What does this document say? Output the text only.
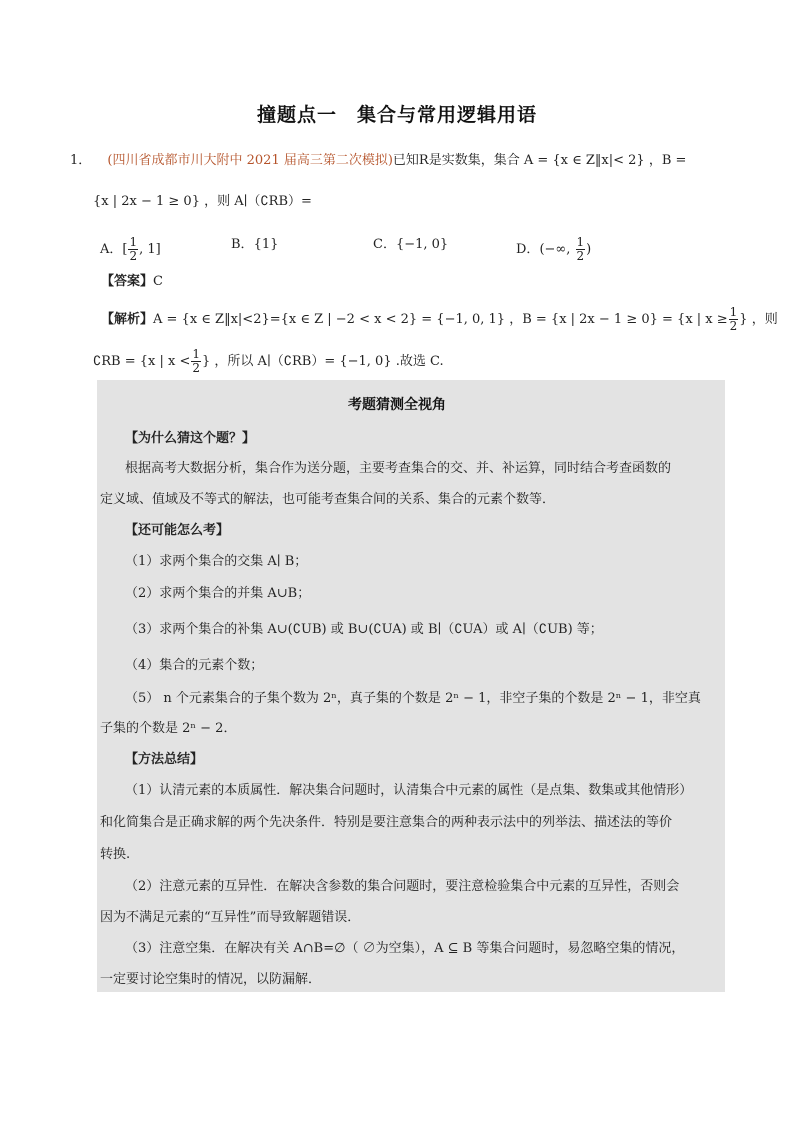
撞题点一　集合与常用逻辑用语
1． (四川省成都市川大附中 2021 届高三第二次模拟)已知R是实数集，集合 A = {x ∈ Z‖x|< 2} ，B =
{x | 2x − 1 ≥ 0} ，则 A∣（∁RB）=
A．[ $\frac{1}{2}$ , 1]	B．{1}	C．{−1, 0}	D．(−∞, $\frac{1}{2}$ )
【答案】C
【解析】A = {x ∈ Z‖x|<2}={x ∈ Z | −2 < x < 2} = {−1, 0, 1} ，B = {x | 2x − 1 ≥ 0} = {x | $x \ge \frac{1}{2}$ } ，则
∁RB = {x | $x < \frac{1}{2}$ } ，所以 A∣（∁RB）= {−1, 0} .故选 C.
考题猜测全视角
【为什么猜这个题？】
根据高考大数据分析，集合作为送分题，主要考查集合的交、并、补运算，同时结合考查函数的
定义域、值域及不等式的解法，也可能考查集合间的关系、集合的元素个数等．
【还可能怎么考】
（1）求两个集合的交集 A∣ B；
（2）求两个集合的并集 A∪B；
（3）求两个集合的补集 A∪(∁UB) 或 B∪(∁UA) 或 B∣（∁UA）或 A∣（∁UB) 等；
（4）集合的元素个数；
（5） n 个元素集合的子集个数为 2ⁿ，真子集的个数是 2ⁿ − 1，非空子集的个数是 2ⁿ − 1，非空真
子集的个数是 2ⁿ − 2．
【方法总结】
（1）认清元素的本质属性．解决集合问题时，认清集合中元素的属性（是点集、数集或其他情形）
和化简集合是正确求解的两个先决条件．特别是要注意集合的两种表示法中的列举法、描述法的等价
转换.
（2）注意元素的互异性．在解决含参数的集合问题时，要注意检验集合中元素的互异性，否则会
因为不满足元素的“互异性”而导致解题错误．
（3）注意空集．在解决有关 A∩B=∅（ ∅为空集），A ⊆ B 等集合问题时，易忽略空集的情况，
一定要讨论空集时的情况，以防漏解．
